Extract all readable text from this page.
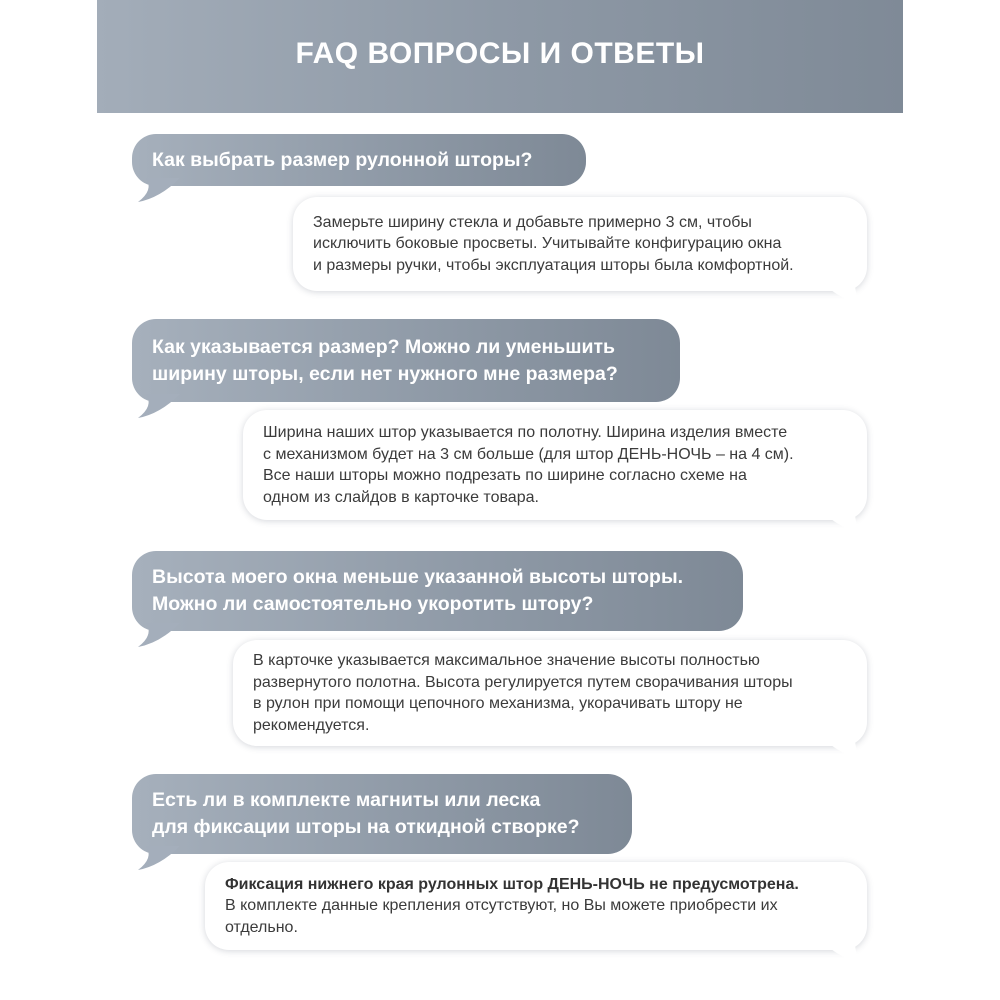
FAQ ВОПРОСЫ И ОТВЕТЫ
Как выбрать размер рулонной шторы?
Замерьте ширину стекла и добавьте примерно 3 см, чтобы
исключить боковые просветы. Учитывайте конфигурацию окна
и размеры ручки, чтобы эксплуатация шторы была комфортной.
Как указывается размер? Можно ли уменьшить
ширину шторы, если нет нужного мне размера?
Ширина наших штор указывается по полотну. Ширина изделия вместе
с механизмом будет на 3 см больше (для штор ДЕНЬ-НОЧЬ – на 4 см).
Все наши шторы можно подрезать по ширине согласно схеме на
одном из слайдов в карточке товара.
Высота моего окна меньше указанной высоты шторы.
Можно ли самостоятельно укоротить штору?
В карточке указывается максимальное значение высоты полностью
развернутого полотна. Высота регулируется путем сворачивания шторы
в рулон при помощи цепочного механизма, укорачивать штору не
рекомендуется.
Есть ли в комплекте магниты или леска
для фиксации шторы на откидной створке?
Фиксация нижнего края рулонных штор ДЕНЬ-НОЧЬ не предусмотрена.
В комплекте данные крепления отсутствуют, но Вы можете приобрести их
отдельно.
